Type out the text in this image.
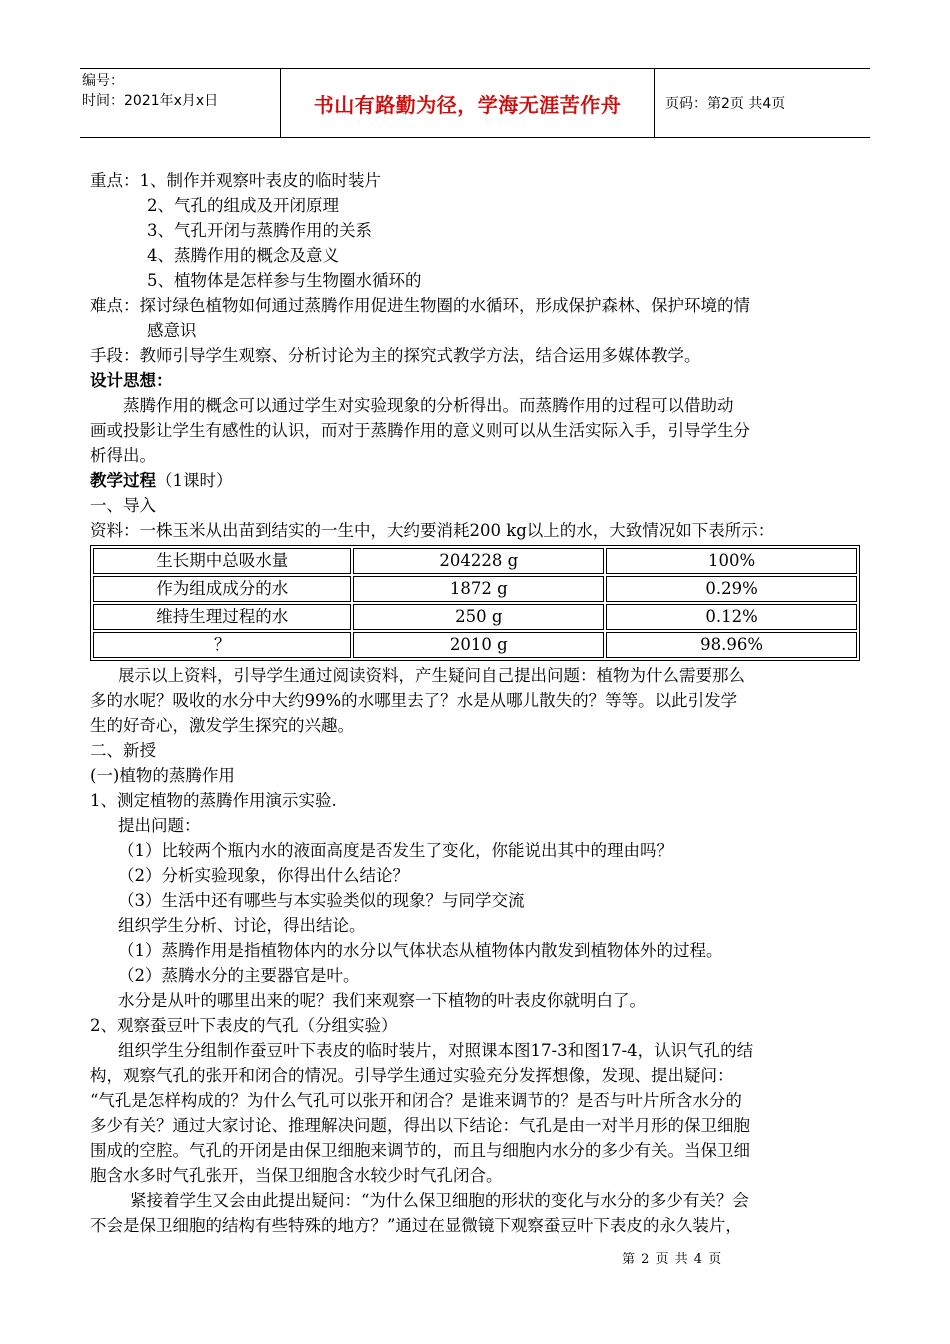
编号：
时间：2021年x月x日	书山有路勤为径，学海无涯苦作舟	页码：第2页 共4页
重点：1、制作并观察叶表皮的临时装片
2、气孔的组成及开闭原理
3、气孔开闭与蒸腾作用的关系
4、蒸腾作用的概念及意义
5、植物体是怎样参与生物圈水循环的
难点：探讨绿色植物如何通过蒸腾作用促进生物圈的水循环，形成保护森林、保护环境的情
感意识
手段：教师引导学生观察、分析讨论为主的探究式教学方法，结合运用多媒体教学。
设计思想：
蒸腾作用的概念可以通过学生对实验现象的分析得出。而蒸腾作用的过程可以借助动
画或投影让学生有感性的认识，而对于蒸腾作用的意义则可以从生活实际入手，引导学生分
析得出。
教学过程（1课时）
一、导入
资料：一株玉米从出苗到结实的一生中，大约要消耗200 kg以上的水，大致情况如下表所示：
生长期中总吸水量	204228 g	100%
作为组成成分的水	1872 g	0.29%
维持生理过程的水	250 g	0.12%
？	2010 g	98.96%
展示以上资料，引导学生通过阅读资料，产生疑问自己提出问题：植物为什么需要那么
多的水呢？吸收的水分中大约99%的水哪里去了？水是从哪儿散失的？等等。以此引发学
生的好奇心，激发学生探究的兴趣。
二、新授
(一)植物的蒸腾作用
1、测定植物的蒸腾作用演示实验.
提出问题：
（1）比较两个瓶内水的液面高度是否发生了变化，你能说出其中的理由吗？
（2）分析实验现象，你得出什么结论？
（3）生活中还有哪些与本实验类似的现象？与同学交流
组织学生分析、讨论，得出结论。
（1）蒸腾作用是指植物体内的水分以气体状态从植物体内散发到植物体外的过程。
（2）蒸腾水分的主要器官是叶。
水分是从叶的哪里出来的呢？我们来观察一下植物的叶表皮你就明白了。
2、观察蚕豆叶下表皮的气孔（分组实验）
组织学生分组制作蚕豆叶下表皮的临时装片，对照课本图17-3和图17-4，认识气孔的结
构，观察气孔的张开和闭合的情况。引导学生通过实验充分发挥想像，发现、提出疑问：
“气孔是怎样构成的？为什么气孔可以张开和闭合？是谁来调节的？是否与叶片所含水分的
多少有关？通过大家讨论、推理解决问题，得出以下结论：气孔是由一对半月形的保卫细胞
围成的空腔。气孔的开闭是由保卫细胞来调节的，而且与细胞内水分的多少有关。当保卫细
胞含水多时气孔张开，当保卫细胞含水较少时气孔闭合。
紧接着学生又会由此提出疑问：“为什么保卫细胞的形状的变化与水分的多少有关？会
不会是保卫细胞的结构有些特殊的地方？”通过在显微镜下观察蚕豆叶下表皮的永久装片，
第 2 页 共 4 页
